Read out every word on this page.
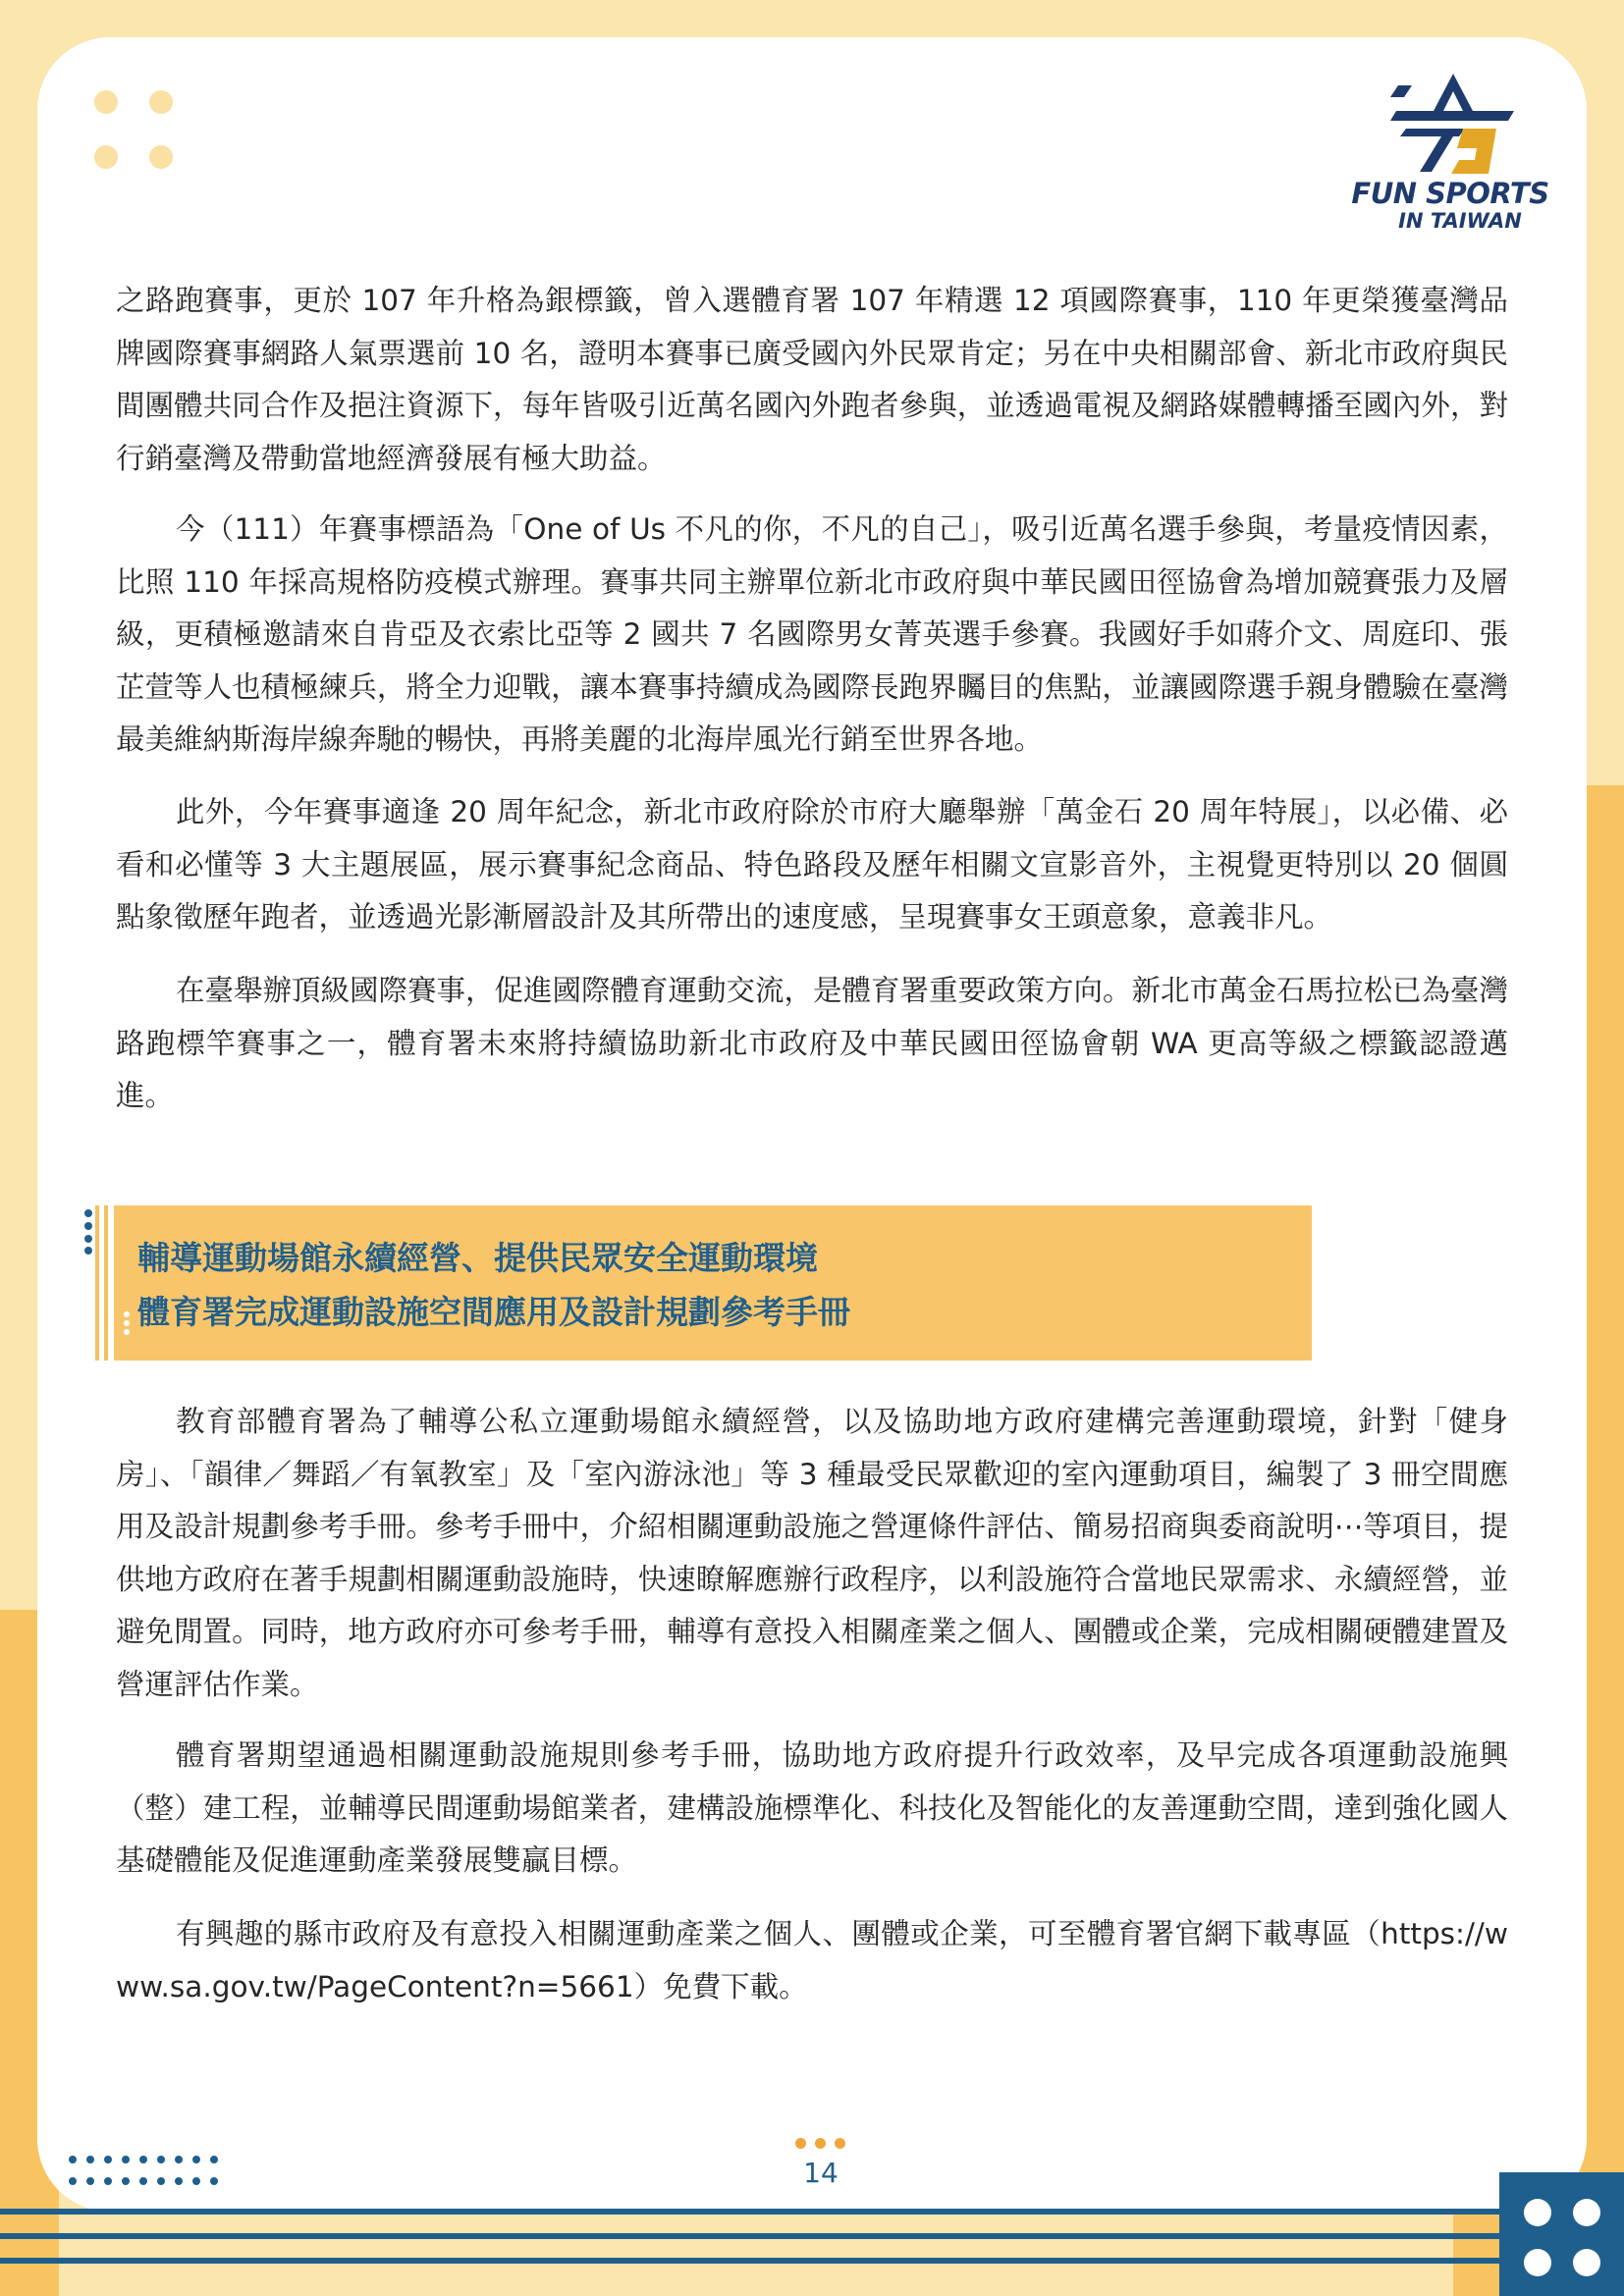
FUN SPORTS
IN TAIWAN

之路跑賽事，更於 107 年升格為銀標籤，曾入選體育署 107 年精選 12 項國際賽事，110 年更榮獲臺灣品牌國際賽事網路人氣票選前 10 名，證明本賽事已廣受國內外民眾肯定；另在中央相關部會、新北市政府與民間團體共同合作及挹注資源下，每年皆吸引近萬名國內外跑者參與，並透過電視及網路媒體轉播至國內外，對行銷臺灣及帶動當地經濟發展有極大助益。

今（111）年賽事標語為「One of Us 不凡的你，不凡的自己」，吸引近萬名選手參與，考量疫情因素，比照 110 年採高規格防疫模式辦理。賽事共同主辦單位新北市政府與中華民國田徑協會為增加競賽張力及層級，更積極邀請來自肯亞及衣索比亞等 2 國共 7 名國際男女菁英選手參賽。我國好手如蔣介文、周庭印、張芷萱等人也積極練兵，將全力迎戰，讓本賽事持續成為國際長跑界矚目的焦點，並讓國際選手親身體驗在臺灣最美維納斯海岸線奔馳的暢快，再將美麗的北海岸風光行銷至世界各地。

此外，今年賽事適逢 20 周年紀念，新北市政府除於市府大廳舉辦「萬金石 20 周年特展」，以必備、必看和必懂等 3 大主題展區，展示賽事紀念商品、特色路段及歷年相關文宣影音外，主視覺更特別以 20 個圓點象徵歷年跑者，並透過光影漸層設計及其所帶出的速度感，呈現賽事女王頭意象，意義非凡。

在臺舉辦頂級國際賽事，促進國際體育運動交流，是體育署重要政策方向。新北市萬金石馬拉松已為臺灣路跑標竿賽事之一，體育署未來將持續協助新北市政府及中華民國田徑協會朝 WA 更高等級之標籤認證邁進。

輔導運動場館永續經營、提供民眾安全運動環境
體育署完成運動設施空間應用及設計規劃參考手冊

教育部體育署為了輔導公私立運動場館永續經營，以及協助地方政府建構完善運動環境，針對「健身房」、「韻律／舞蹈／有氧教室」及「室內游泳池」等 3 種最受民眾歡迎的室內運動項目，編製了 3 冊空間應用及設計規劃參考手冊。參考手冊中，介紹相關運動設施之營運條件評估、簡易招商與委商說明⋯等項目，提供地方政府在著手規劃相關運動設施時，快速瞭解應辦行政程序，以利設施符合當地民眾需求、永續經營，並避免閒置。同時，地方政府亦可參考手冊，輔導有意投入相關產業之個人、團體或企業，完成相關硬體建置及營運評估作業。

體育署期望通過相關運動設施規則參考手冊，協助地方政府提升行政效率，及早完成各項運動設施興（整）建工程，並輔導民間運動場館業者，建構設施標準化、科技化及智能化的友善運動空間，達到強化國人基礎體能及促進運動產業發展雙贏目標。

有興趣的縣市政府及有意投入相關運動產業之個人、團體或企業，可至體育署官網下載專區（https://www.sa.gov.tw/PageContent?n=5661）免費下載。

14
